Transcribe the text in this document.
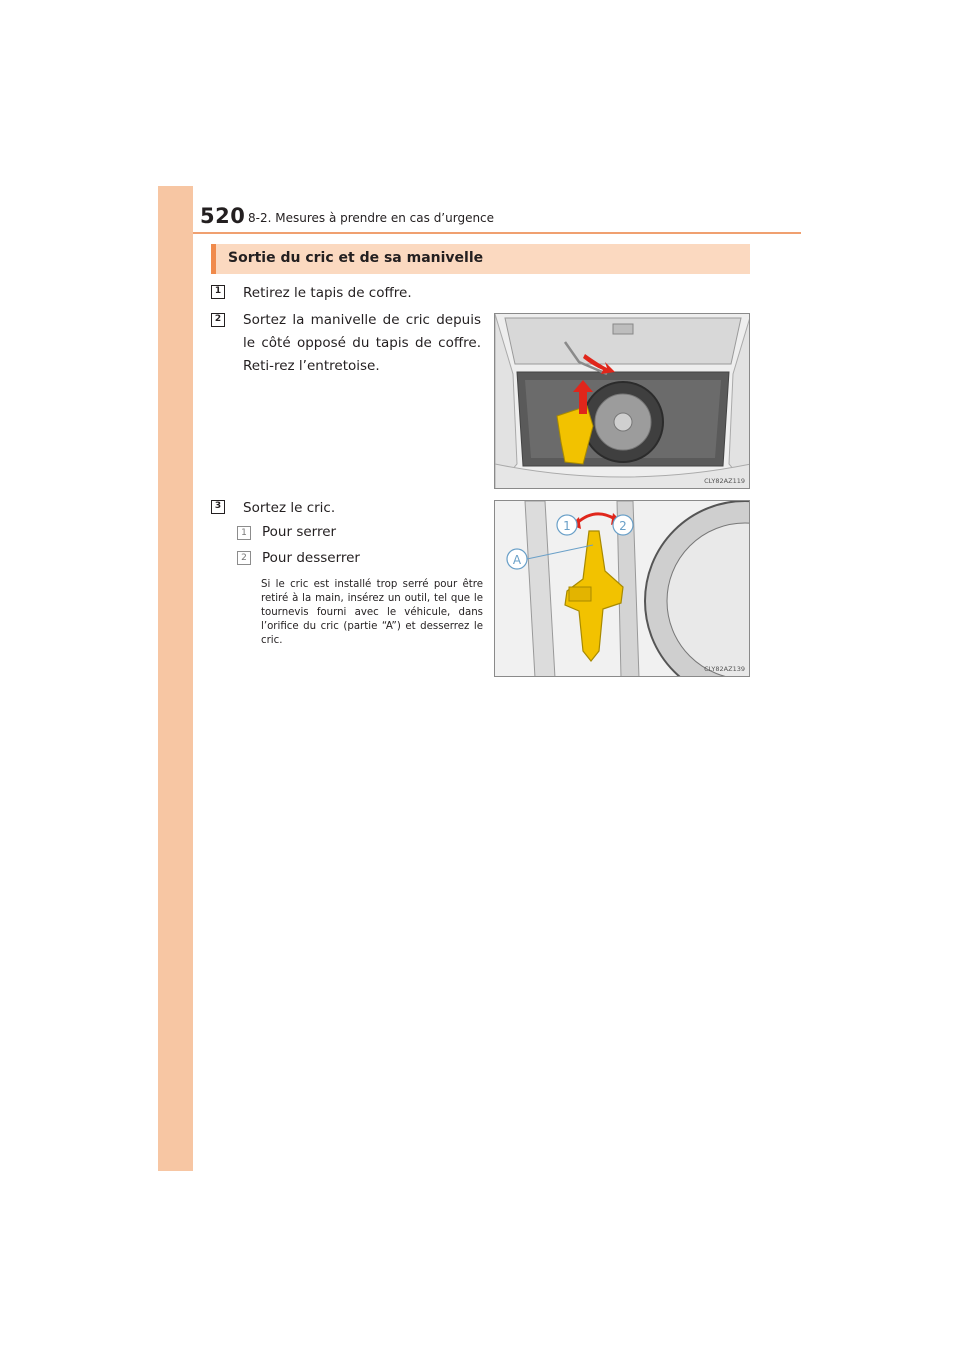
520 8-2. Mesures à prendre en cas d’urgence
Sortie du cric et de sa manivelle
1 Retirez le tapis de coffre.
2 Sortez la manivelle de cric depuis le côté opposé du tapis de coffre. Reti-rez l’entretoise.
3 Sortez le cric.
1	Pour serrer
2	Pour desserrer
Si le cric est installé trop serré pour être retiré à la main, insérez un outil, tel que le tournevis fourni avec le véhicule, dans l’orifice du cric (partie “A”) et desserrez le cric.
CLY82AZ119
1	2
A
CLY82AZ139
